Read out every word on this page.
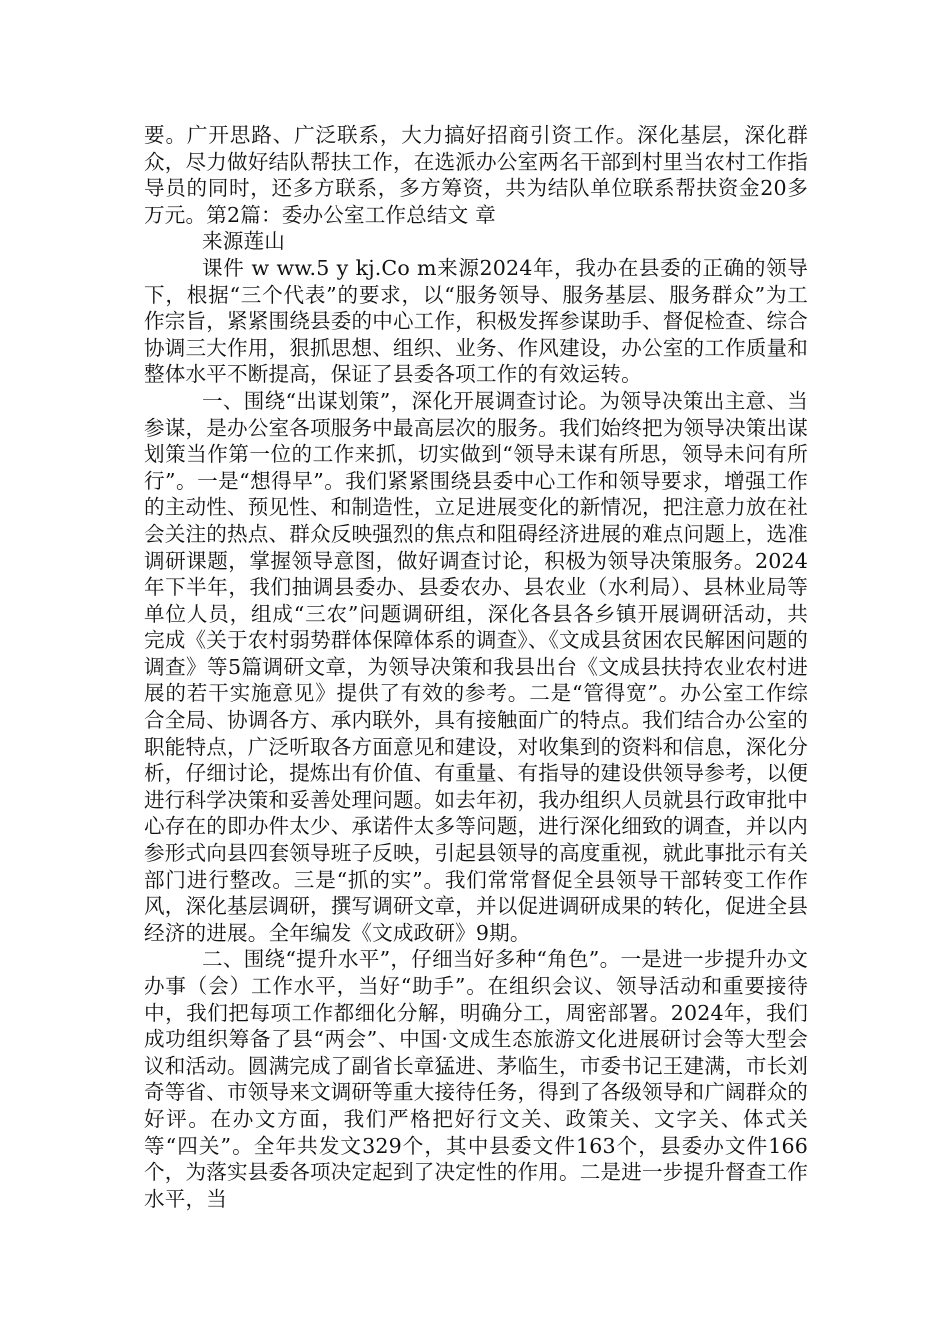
要。广开思路、广泛联系，大力搞好招商引资工作。深化基层，深化群众，尽力做好结队帮扶工作，在选派办公室两名干部到村里当农村工作指导员的同时，还多方联系，多方筹资，共为结队单位联系帮扶资金20多万元。第2篇：委办公室工作总结文 章

来源莲山

课件 w ww.5 y kj.Co m来源2024年，我办在县委的正确的领导下，根据“三个代表”的要求，以“服务领导、服务基层、服务群众”为工作宗旨，紧紧围绕县委的中心工作，积极发挥参谋助手、督促检查、综合协调三大作用，狠抓思想、组织、业务、作风建设，办公室的工作质量和整体水平不断提高，保证了县委各项工作的有效运转。

一、围绕“出谋划策”，深化开展调查讨论。为领导决策出主意、当参谋，是办公室各项服务中最高层次的服务。我们始终把为领导决策出谋划策当作第一位的工作来抓，切实做到“领导未谋有所思，领导未问有所行”。一是“想得早”。我们紧紧围绕县委中心工作和领导要求，增强工作的主动性、预见性、和制造性，立足进展变化的新情况，把注意力放在社会关注的热点、群众反映强烈的焦点和阻碍经济进展的难点问题上，选准调研课题，掌握领导意图，做好调查讨论，积极为领导决策服务。2024年下半年，我们抽调县委办、县委农办、县农业（水利局）、县林业局等单位人员，组成“三农”问题调研组，深化各县各乡镇开展调研活动，共完成《关于农村弱势群体保障体系的调查》、《文成县贫困农民解困问题的调查》等5篇调研文章，为领导决策和我县出台《文成县扶持农业农村进展的若干实施意见》提供了有效的参考。二是“管得宽”。办公室工作综合全局、协调各方、承内联外，具有接触面广的特点。我们结合办公室的职能特点，广泛听取各方面意见和建设，对收集到的资料和信息，深化分析，仔细讨论，提炼出有价值、有重量、有指导的建设供领导参考，以便进行科学决策和妥善处理问题。如去年初，我办组织人员就县行政审批中心存在的即办件太少、承诺件太多等问题，进行深化细致的调查，并以内参形式向县四套领导班子反映，引起县领导的高度重视，就此事批示有关部门进行整改。三是“抓的实”。我们常常督促全县领导干部转变工作作风，深化基层调研，撰写调研文章，并以促进调研成果的转化，促进全县经济的进展。全年编发《文成政研》9期。

二、围绕“提升水平”，仔细当好多种“角色”。一是进一步提升办文办事（会）工作水平，当好“助手”。在组织会议、领导活动和重要接待中，我们把每项工作都细化分解，明确分工，周密部署。2024年，我们成功组织筹备了县“两会”、中国·文成生态旅游文化进展研讨会等大型会议和活动。圆满完成了副省长章猛进、茅临生，市委书记王建满，市长刘奇等省、市领导来文调研等重大接待任务，得到了各级领导和广阔群众的好评。在办文方面，我们严格把好行文关、政策关、文字关、体式关等“四关”。全年共发文329个，其中县委文件163个，县委办文件166个，为落实县委各项决定起到了决定性的作用。二是进一步提升督查工作水平，当
